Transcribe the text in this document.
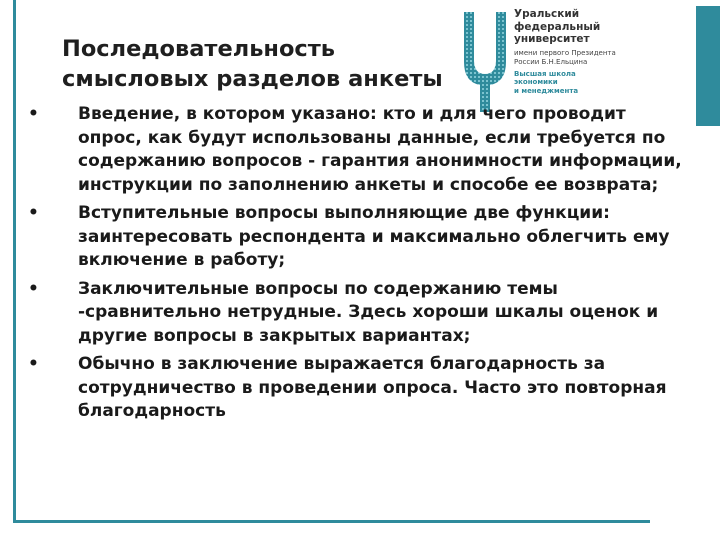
Последовательность
смысловых разделов анкеты
Уральский
федеральный
университет
имени первого Президента
России Б.Н.Ельцина
Высшая школа
экономики
и менеджмента
• Введение, в котором указано: кто и для чего проводит опрос, как будут использованы данные, если требуется по содержанию вопросов - гарантия анонимности информации, инструкции по заполнению анкеты и способе ее возврата;
• Вступительные вопросы выполняющие две функции: заинтересовать респондента и максимально облегчить ему включение в работу;
• Заключительные вопросы по содержанию темы -сравнительно нетрудные. Здесь хороши шкалы оценок и другие вопросы в закрытых вариантах;
• Обычно в заключение выражается благодарность за сотрудничество в проведении опроса. Часто это повторная благодарность
